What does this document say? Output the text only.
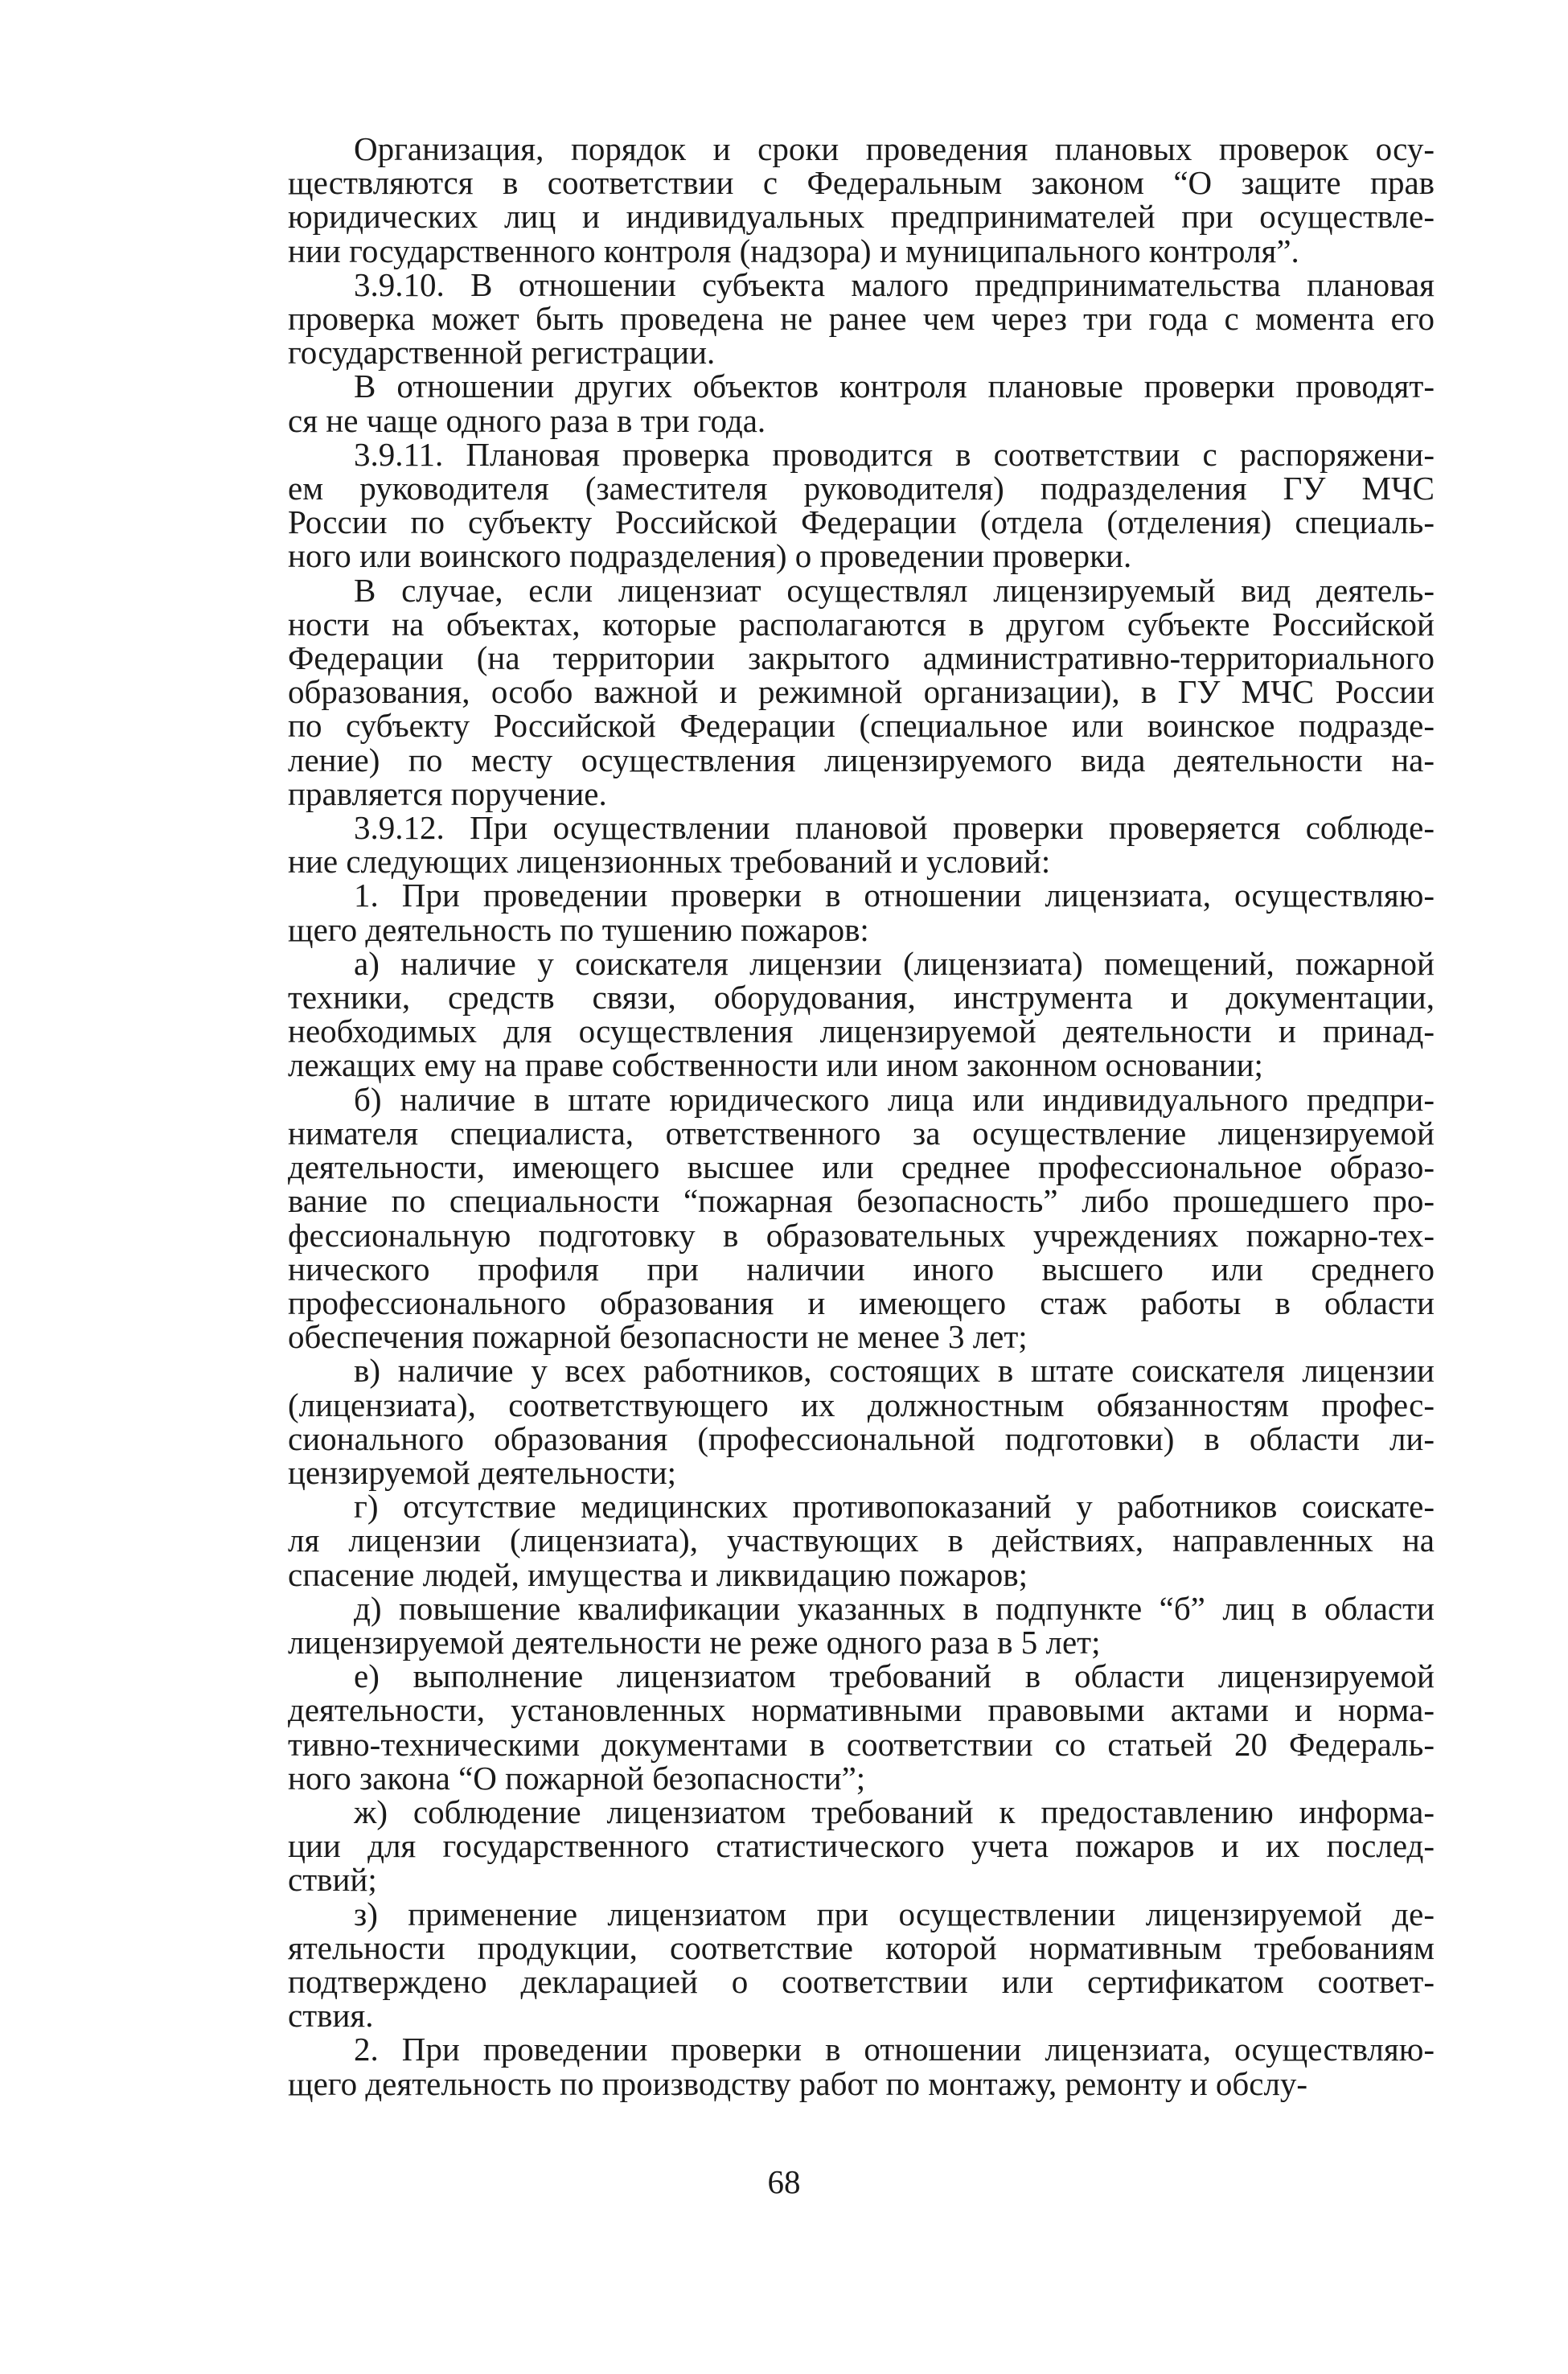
Организация, порядок и сроки проведения плановых проверок осу-
ществляются в соответствии с Федеральным законом “О защите прав
юридических лиц и индивидуальных предпринимателей при осуществле-
нии государственного контроля (надзора) и муниципального контроля”.
3.9.10. В отношении субъекта малого предпринимательства плановая
проверка может быть проведена не ранее чем через три года с момента его
государственной регистрации.
В отношении других объектов контроля плановые проверки проводят-
ся не чаще одного раза в три года.
3.9.11. Плановая проверка проводится в соответствии с распоряжени-
ем руководителя (заместителя руководителя) подразделения ГУ МЧС
России по субъекту Российской Федерации (отдела (отделения) специаль-
ного или воинского подразделения) о проведении проверки.
В случае, если лицензиат осуществлял лицензируемый вид деятель-
ности на объектах, которые располагаются в другом субъекте Российской
Федерации (на территории закрытого административно-территориального
образования, особо важной и режимной организации), в ГУ МЧС России
по субъекту Российской Федерации (специальное или воинское подразде-
ление) по месту осуществления лицензируемого вида деятельности на-
правляется поручение.
3.9.12. При осуществлении плановой проверки проверяется соблюде-
ние следующих лицензионных требований и условий:
1. При проведении проверки в отношении лицензиата, осуществляю-
щего деятельность по тушению пожаров:
а) наличие у соискателя лицензии (лицензиата) помещений, пожарной
техники, средств связи, оборудования, инструмента и документации,
необходимых для осуществления лицензируемой деятельности и принад-
лежащих ему на праве собственности или ином законном основании;
б) наличие в штате юридического лица или индивидуального предпри-
нимателя специалиста, ответственного за осуществление лицензируемой
деятельности, имеющего высшее или среднее профессиональное образо-
вание по специальности “пожарная безопасность” либо прошедшего про-
фессиональную подготовку в образовательных учреждениях пожарно-тех-
нического профиля при наличии иного высшего или среднего
профессионального образования и имеющего стаж работы в области
обеспечения пожарной безопасности не менее 3 лет;
в) наличие у всех работников, состоящих в штате соискателя лицензии
(лицензиата), соответствующего их должностным обязанностям профес-
сионального образования (профессиональной подготовки) в области ли-
цензируемой деятельности;
г) отсутствие медицинских противопоказаний у работников соискате-
ля лицензии (лицензиата), участвующих в действиях, направленных на
спасение людей, имущества и ликвидацию пожаров;
д) повышение квалификации указанных в подпункте “б” лиц в области
лицензируемой деятельности не реже одного раза в 5 лет;
е) выполнение лицензиатом требований в области лицензируемой
деятельности, установленных нормативными правовыми актами и норма-
тивно-техническими документами в соответствии со статьей 20 Федераль-
ного закона “О пожарной безопасности”;
ж) соблюдение лицензиатом требований к предоставлению информа-
ции для государственного статистического учета пожаров и их послед-
ствий;
з) применение лицензиатом при осуществлении лицензируемой де-
ятельности продукции, соответствие которой нормативным требованиям
подтверждено декларацией о соответствии или сертификатом соответ-
ствия.
2. При проведении проверки в отношении лицензиата, осуществляю-
щего деятельность по производству работ по монтажу, ремонту и обслу-
68
